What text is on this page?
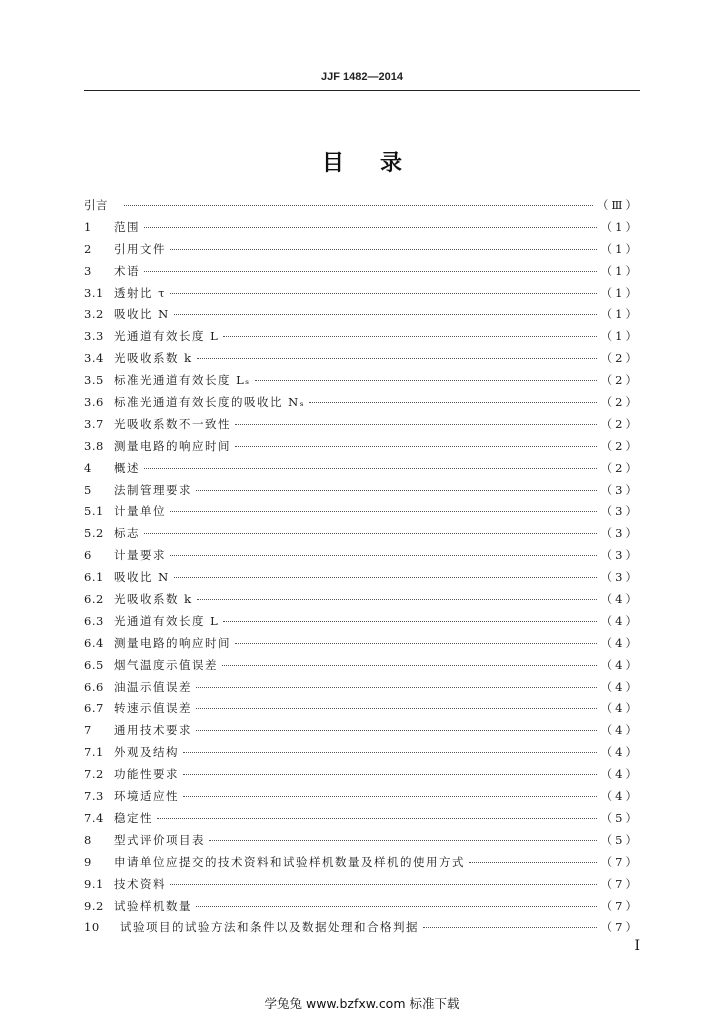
JJF 1482—2014
目录
引言	（Ⅲ）
1	范围	（1）
2	引用文件	（1）
3	术语	（1）
3.1 透射比 τ	（1）
3.2 吸收比 N	（1）
3.3 光通道有效长度 L	（1）
3.4 光吸收系数 k	（2）
3.5 标准光通道有效长度 Lₛ	（2）
3.6 标准光通道有效长度的吸收比 Nₛ	（2）
3.7 光吸收系数不一致性	（2）
3.8 测量电路的响应时间	（2）
4	概述	（2）
5	法制管理要求	（3）
5.1 计量单位	（3）
5.2 标志	（3）
6	计量要求	（3）
6.1 吸收比 N	（3）
6.2 光吸收系数 k	（4）
6.3 光通道有效长度 L	（4）
6.4 测量电路的响应时间	（4）
6.5 烟气温度示值误差	（4）
6.6 油温示值误差	（4）
6.7 转速示值误差	（4）
7	通用技术要求	（4）
7.1 外观及结构	（4）
7.2 功能性要求	（4）
7.3 环境适应性	（4）
7.4 稳定性	（5）
8	型式评价项目表	（5）
9	申请单位应提交的技术资料和试验样机数量及样机的使用方式	（7）
9.1 技术资料	（7）
9.2 试验样机数量	（7）
10	试验项目的试验方法和条件以及数据处理和合格判据	（7）
I
学兔兔 www.bzfxw.com 标准下载
